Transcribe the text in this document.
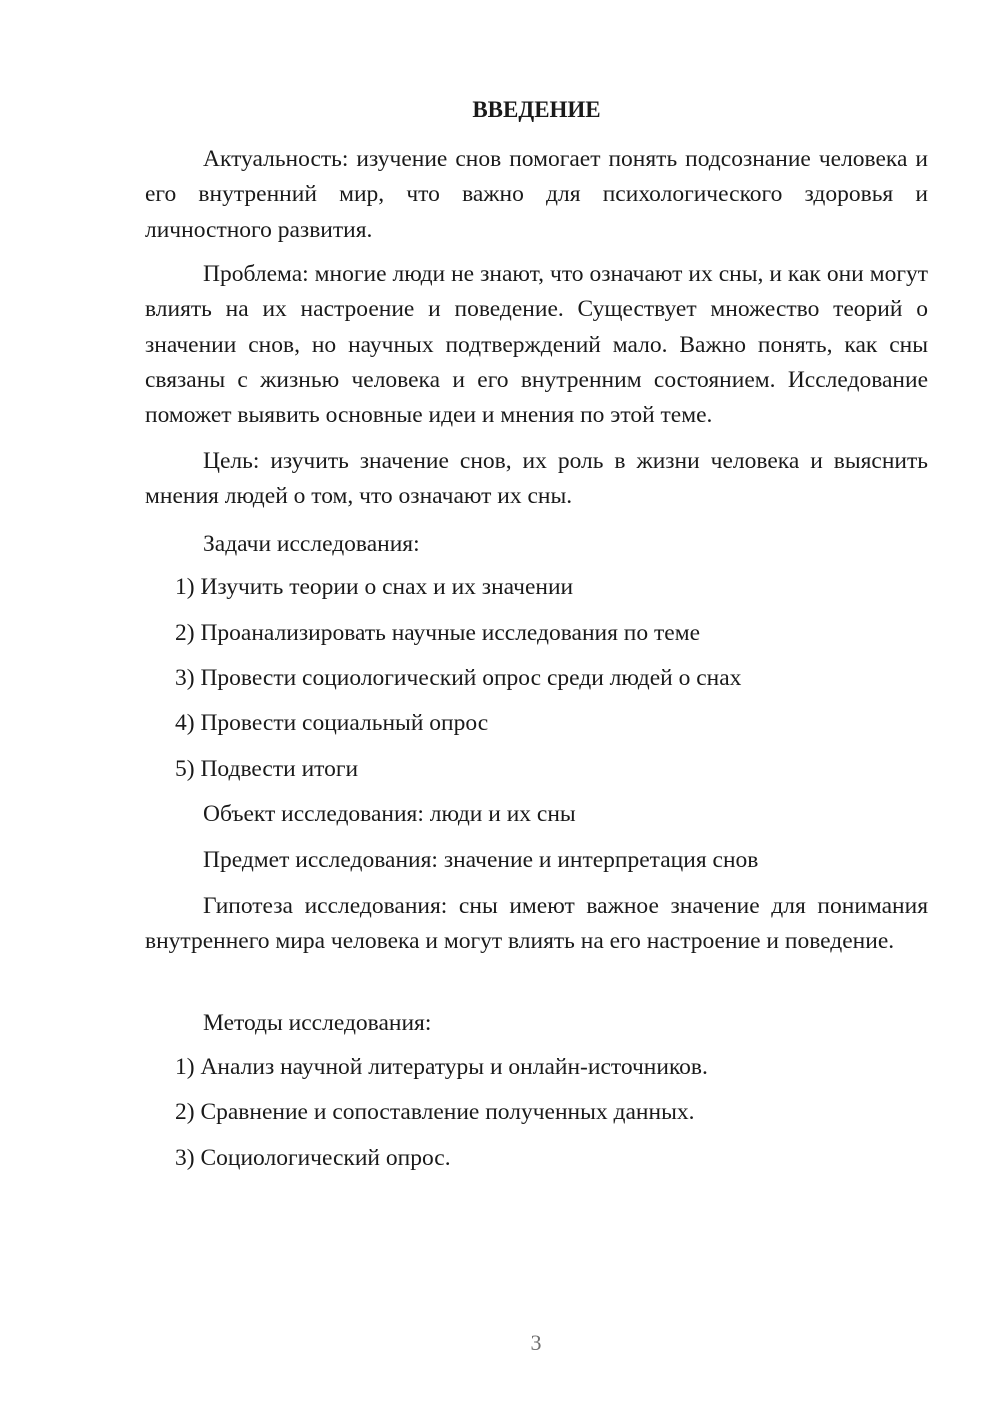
ВВЕДЕНИЕ

Актуальность: изучение снов помогает понять подсознание человека и его внутренний мир, что важно для психологического здоровья и личностного развития.

Проблема: многие люди не знают, что означают их сны, и как они могут влиять на их настроение и поведение. Существует множество теорий о значении снов, но научных подтверждений мало. Важно понять, как сны связаны с жизнью человека и его внутренним состоянием. Исследование поможет выявить основные идеи и мнения по этой теме.

Цель: изучить значение снов, их роль в жизни человека и выяснить мнения людей о том, что означают их сны.

Задачи исследования:

1) Изучить теории о снах и их значении

2) Проанализировать научные исследования по теме

3) Провести социологический опрос среди людей о снах

4) Провести социальный опрос

5) Подвести итоги

Объект исследования: люди и их сны

Предмет исследования: значение и интерпретация снов

Гипотеза исследования: сны имеют важное значение для понимания внутреннего мира человека и могут влиять на его настроение и поведение.

Методы исследования:

1) Анализ научной литературы и онлайн-источников.

2) Сравнение и сопоставление полученных данных.

3) Социологический опрос.

3
